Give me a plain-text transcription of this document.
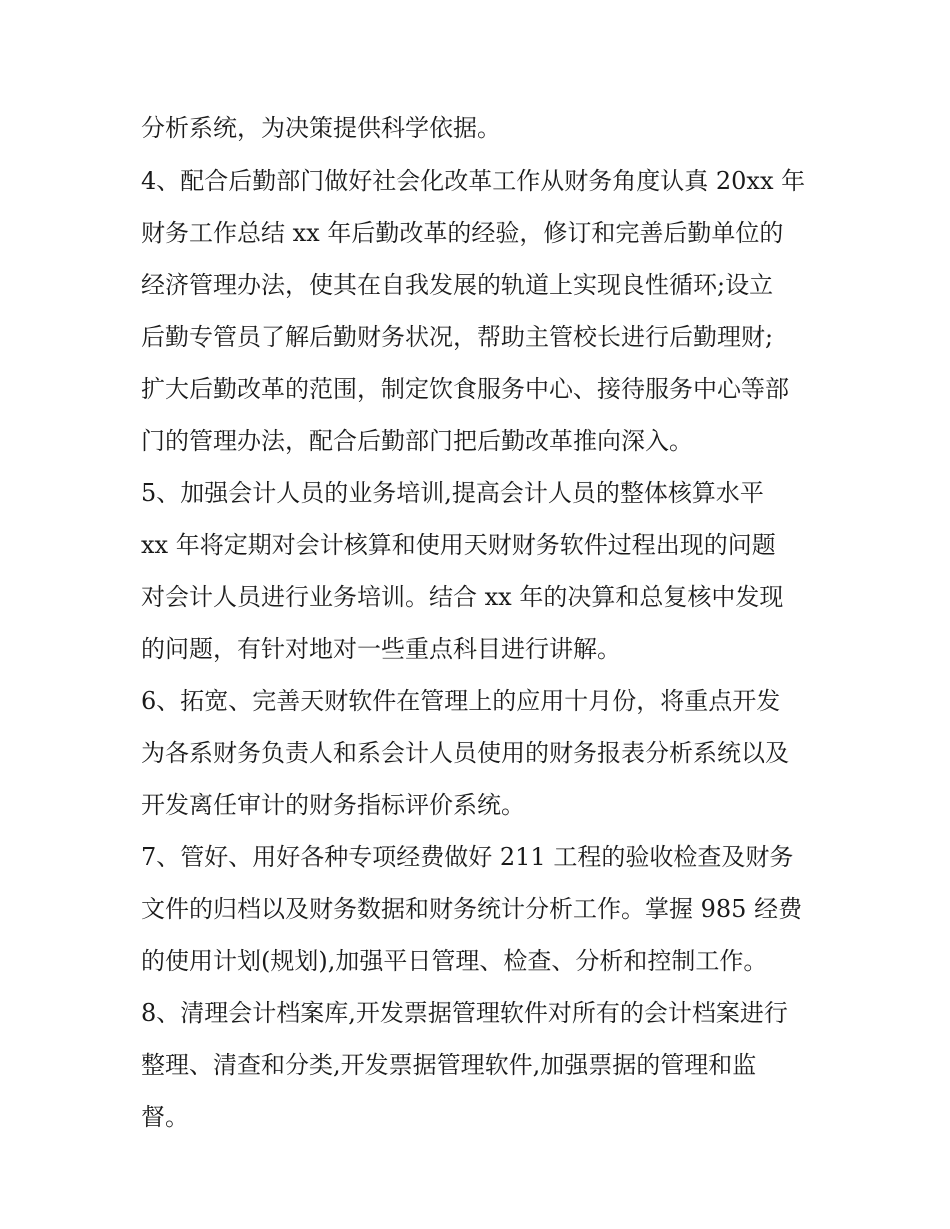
分析系统，为决策提供科学依据。
4、配合后勤部门做好社会化改革工作从财务角度认真 20xx 年
财务工作总结 xx 年后勤改革的经验，修订和完善后勤单位的
经济管理办法，使其在自我发展的轨道上实现良性循环;设立
后勤专管员了解后勤财务状况，帮助主管校长进行后勤理财;
扩大后勤改革的范围，制定饮食服务中心、接待服务中心等部
门的管理办法，配合后勤部门把后勤改革推向深入。
5、加强会计人员的业务培训,提高会计人员的整体核算水平
xx 年将定期对会计核算和使用天财财务软件过程出现的问题
对会计人员进行业务培训。结合 xx 年的决算和总复核中发现
的问题，有针对地对一些重点科目进行讲解。
6、拓宽、完善天财软件在管理上的应用十月份，将重点开发
为各系财务负责人和系会计人员使用的财务报表分析系统以及
开发离任审计的财务指标评价系统。
7、管好、用好各种专项经费做好 211 工程的验收检查及财务
文件的归档以及财务数据和财务统计分析工作。掌握 985 经费
的使用计划(规划),加强平日管理、检查、分析和控制工作。
8、清理会计档案库,开发票据管理软件对所有的会计档案进行
整理、清查和分类,开发票据管理软件,加强票据的管理和监
督。
